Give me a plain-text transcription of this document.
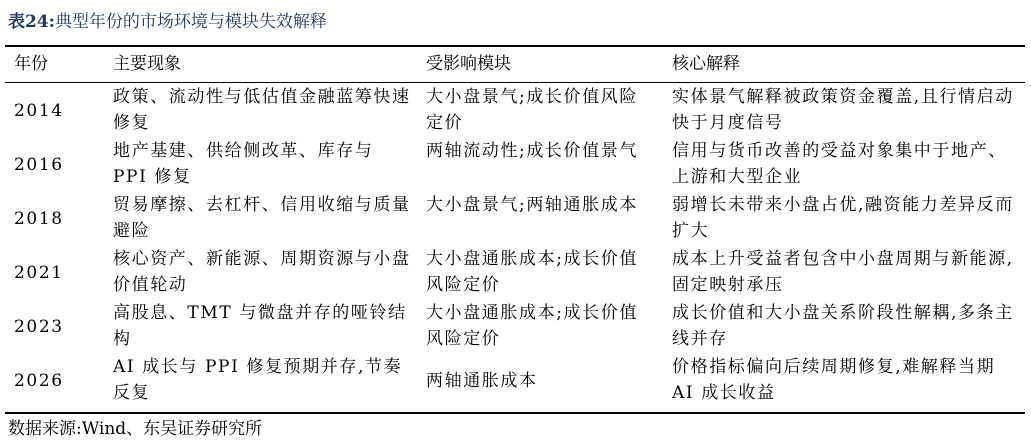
表24:典型年份的市场环境与模块失效解释
年份	主要现象	受影响模块	核心解释
2014
政策、流动性与低估值金融蓝筹快速修复
大小盘景气;成长价值风险定价
实体景气解释被政策资金覆盖,且行情启动快于月度信号
2016
地产基建、供给侧改革、库存与 PPI 修复
两轴流动性;成长价值景气	信用与货币改善的受益对象集中于地产、上游和大型企业
2018
贸易摩擦、去杠杆、信用收缩与质量避险
大小盘景气;两轴通胀成本	弱增长未带来小盘占优,融资能力差异反而扩大
2021
核心资产、新能源、周期资源与小盘价值轮动
大小盘通胀成本;成长价值风险定价
成本上升受益者包含中小盘周期与新能源,固定映射承压
2023
高股息、TMT 与微盘并存的哑铃结构
大小盘通胀成本;成长价值风险定价
成长价值和大小盘关系阶段性解耦,多条主线并存
2026
AI 成长与 PPI 修复预期并存,节奏反复
两轴通胀成本
价格指标偏向后续周期修复,难解释当期 AI 成长收益
数据来源:Wind、东吴证券研究所
